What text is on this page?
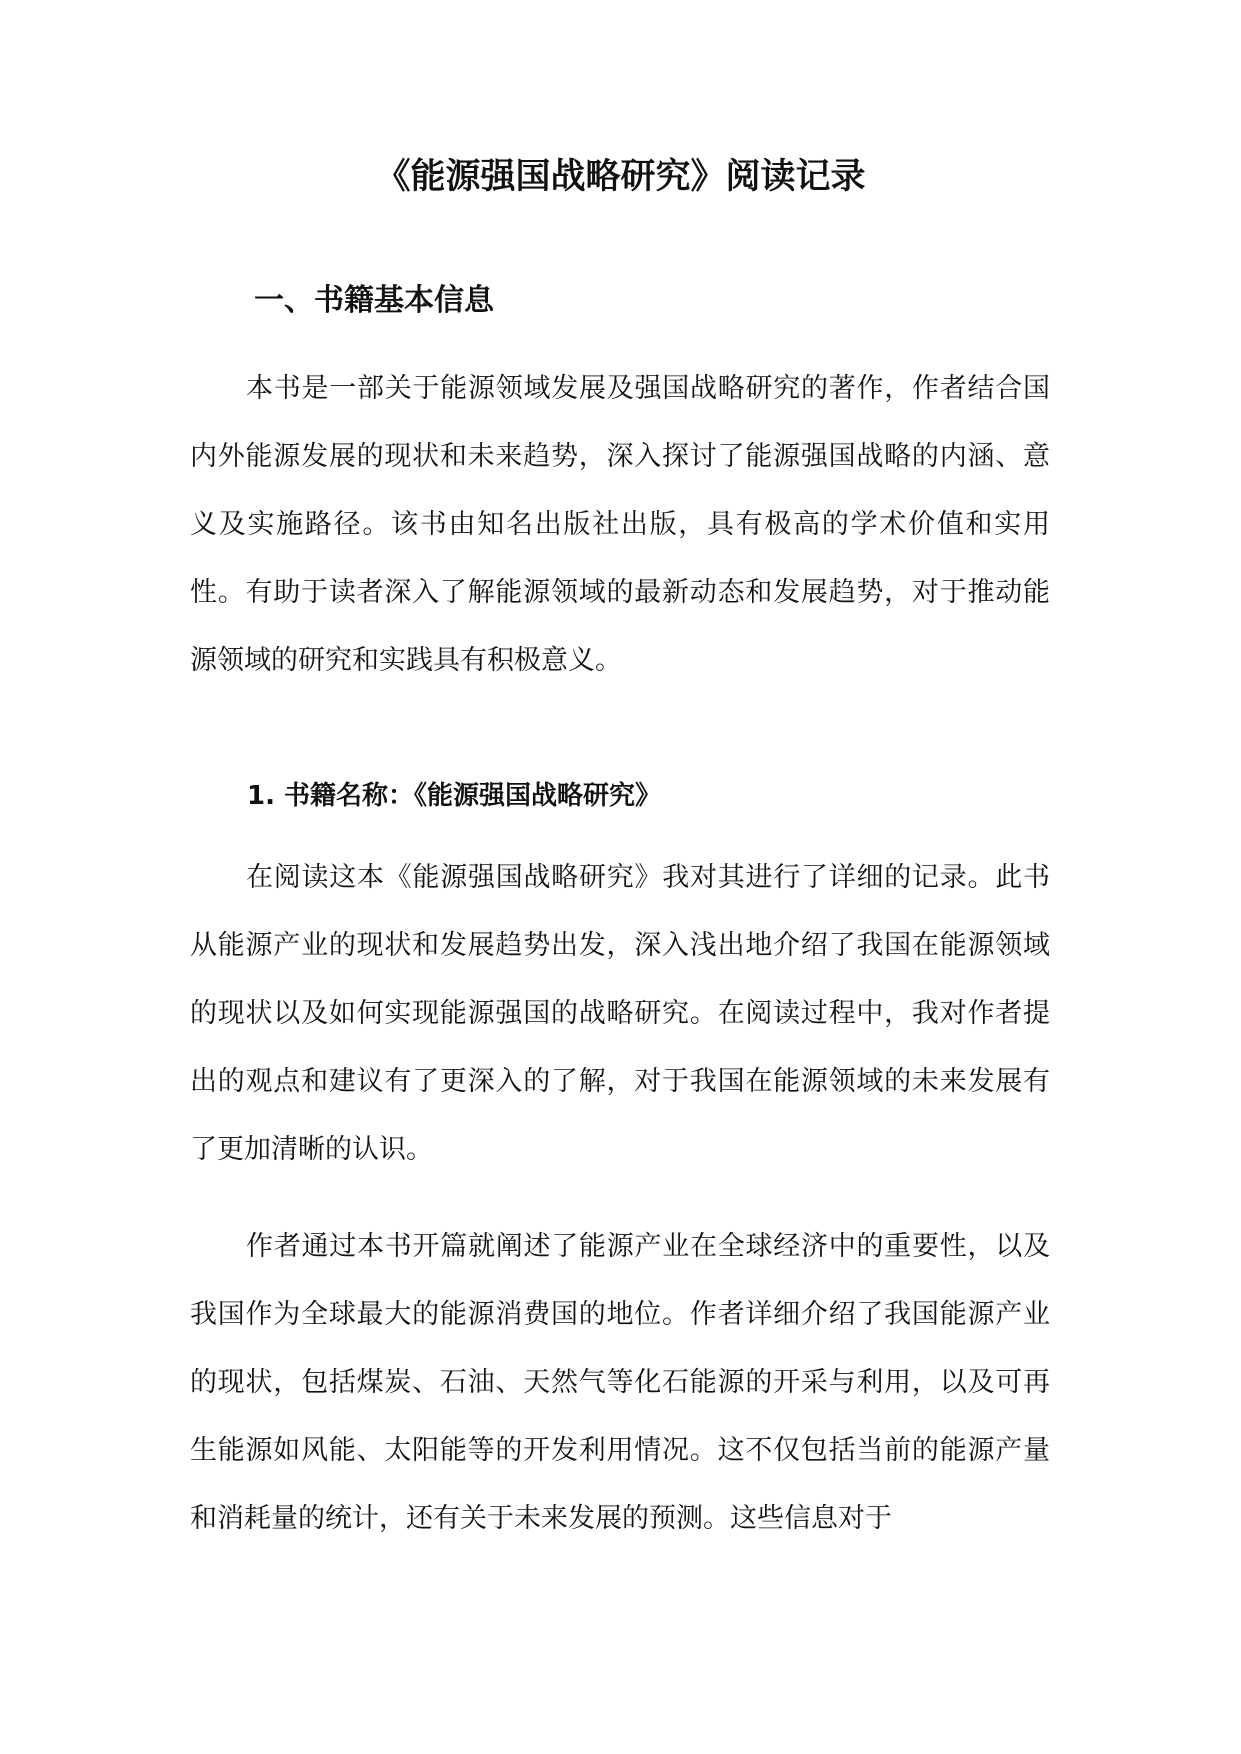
《能源强国战略研究》阅读记录
一、书籍基本信息

本书是一部关于能源领域发展及强国战略研究的著作，作者结合国内外能源发展的现状和未来趋势，深入探讨了能源强国战略的内涵、意义及实施路径。该书由知名出版社出版，具有极高的学术价值和实用性。有助于读者深入了解能源领域的最新动态和发展趋势，对于推动能源领域的研究和实践具有积极意义。

1. 书籍名称：《能源强国战略研究》

在阅读这本《能源强国战略研究》我对其进行了详细的记录。此书从能源产业的现状和发展趋势出发，深入浅出地介绍了我国在能源领域的现状以及如何实现能源强国的战略研究。在阅读过程中，我对作者提出的观点和建议有了更深入的了解，对于我国在能源领域的未来发展有了更加清晰的认识。

作者通过本书开篇就阐述了能源产业在全球经济中的重要性，以及我国作为全球最大的能源消费国的地位。作者详细介绍了我国能源产业的现状，包括煤炭、石油、天然气等化石能源的开采与利用，以及可再生能源如风能、太阳能等的开发利用情况。这不仅包括当前的能源产量和消耗量的统计，还有关于未来发展的预测。这些信息对于
